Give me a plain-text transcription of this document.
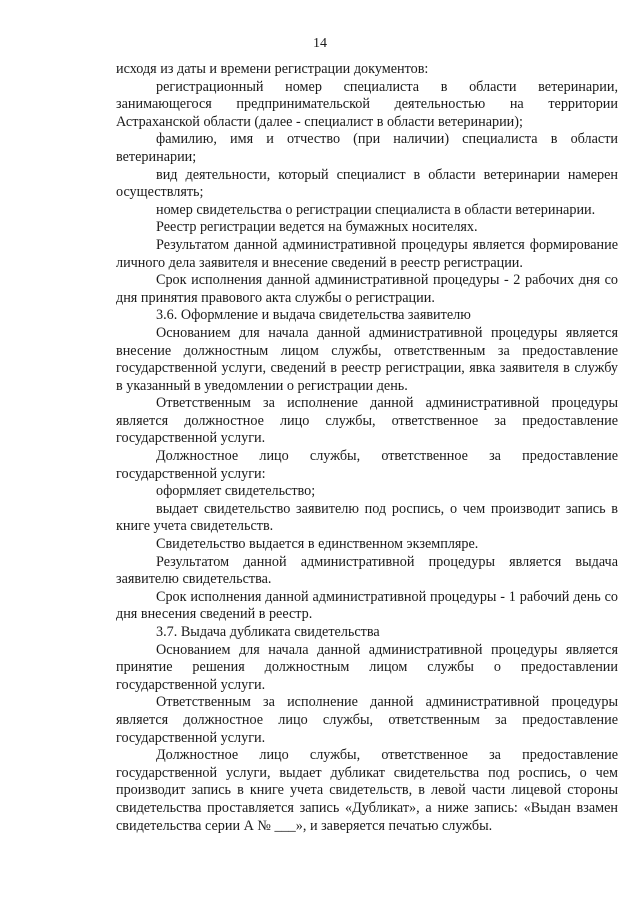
14

исходя из даты и времени регистрации документов:

регистрационный номер специалиста в области ветеринарии, занимающегося предпринимательской деятельностью на территории Астраханской области (далее - специалист в области ветеринарии);

фамилию, имя и отчество (при наличии) специалиста в области ветеринарии;

вид деятельности, который специалист в области ветеринарии намерен осуществлять;

номер свидетельства о регистрации специалиста в области ветеринарии.

Реестр регистрации ведется на бумажных носителях.

Результатом данной административной процедуры является формирование личного дела заявителя и внесение сведений в реестр регистрации.

Срок исполнения данной административной процедуры - 2 рабочих дня со дня принятия правового акта службы о регистрации.

3.6. Оформление и выдача свидетельства заявителю

Основанием для начала данной административной процедуры является внесение должностным лицом службы, ответственным за предоставление государственной услуги, сведений в реестр регистрации, явка заявителя в службу в указанный в уведомлении о регистрации день.

Ответственным за исполнение данной административной процедуры является должностное лицо службы, ответственное за предоставление государственной услуги.

Должностное лицо службы, ответственное за предоставление государственной услуги:

оформляет свидетельство;

выдает свидетельство заявителю под роспись, о чем производит запись в книге учета свидетельств.

Свидетельство выдается в единственном экземпляре.

Результатом данной административной процедуры является выдача заявителю свидетельства.

Срок исполнения данной административной процедуры - 1 рабочий день со дня внесения сведений в реестр.

3.7. Выдача дубликата свидетельства

Основанием для начала данной административной процедуры является принятие решения должностным лицом службы о предоставлении государственной услуги.

Ответственным за исполнение данной административной процедуры является должностное лицо службы, ответственным за предоставление государственной услуги.

Должностное лицо службы, ответственное за предоставление государственной услуги, выдает дубликат свидетельства под роспись, о чем производит запись в книге учета свидетельств, в левой части лицевой стороны свидетельства проставляется запись «Дубликат», а ниже запись: «Выдан взамен свидетельства серии А № ___», и заверяется печатью службы.
